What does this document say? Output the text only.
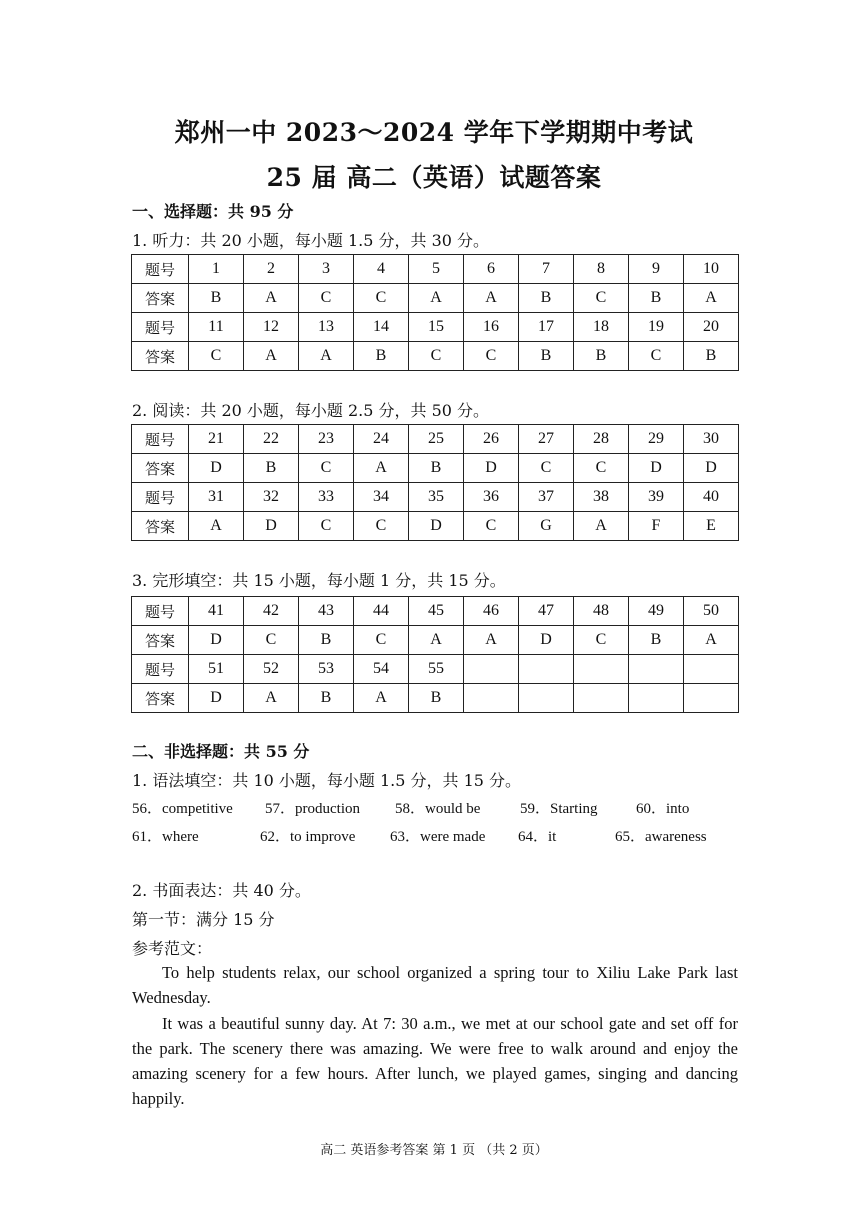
郑州一中 2023～2024 学年下学期期中考试
25 届 高二（英语）试题答案
一、选择题：共 95 分
1. 听力：共 20 小题，每小题 1.5 分，共 30 分。
题号	1	2	3	4	5	6	7	8	9	10
答案	B	A	C	C	A	A	B	C	B	A
题号	11	12	13	14	15	16	17	18	19	20
答案	C	A	A	B	C	C	B	B	C	B
2. 阅读：共 20 小题，每小题 2.5 分，共 50 分。
题号	21	22	23	24	25	26	27	28	29	30
答案	D	B	C	A	B	D	C	C	D	D
题号	31	32	33	34	35	36	37	38	39	40
答案	A	D	C	C	D	C	G	A	F	E
3. 完形填空：共 15 小题，每小题 1 分，共 15 分。
题号	41	42	43	44	45	46	47	48	49	50
答案	D	C	B	C	A	A	D	C	B	A
题号	51	52	53	54	55					
答案	D	A	B	A	B					
二、非选择题：共 55 分
1. 语法填空：共 10 小题，每小题 1.5 分，共 15 分。
56．competitive 57．production 58．would be	59．Starting	60．into
61．where	62．to improve 63．were made 64．it	65．awareness
2. 书面表达：共 40 分。
第一节：满分 15 分
参考范文：

To help students relax, our school organized a spring tour to Xiliu Lake Park last Wednesday.

It was a beautiful sunny day. At 7: 30 a.m., we met at our school gate and set off for the park. The scenery there was amazing. We were free to walk around and enjoy the amazing scenery for a few hours. After lunch, we played games, singing and dancing happily.

高二 英语参考答案 第 1 页 （共 2 页）
